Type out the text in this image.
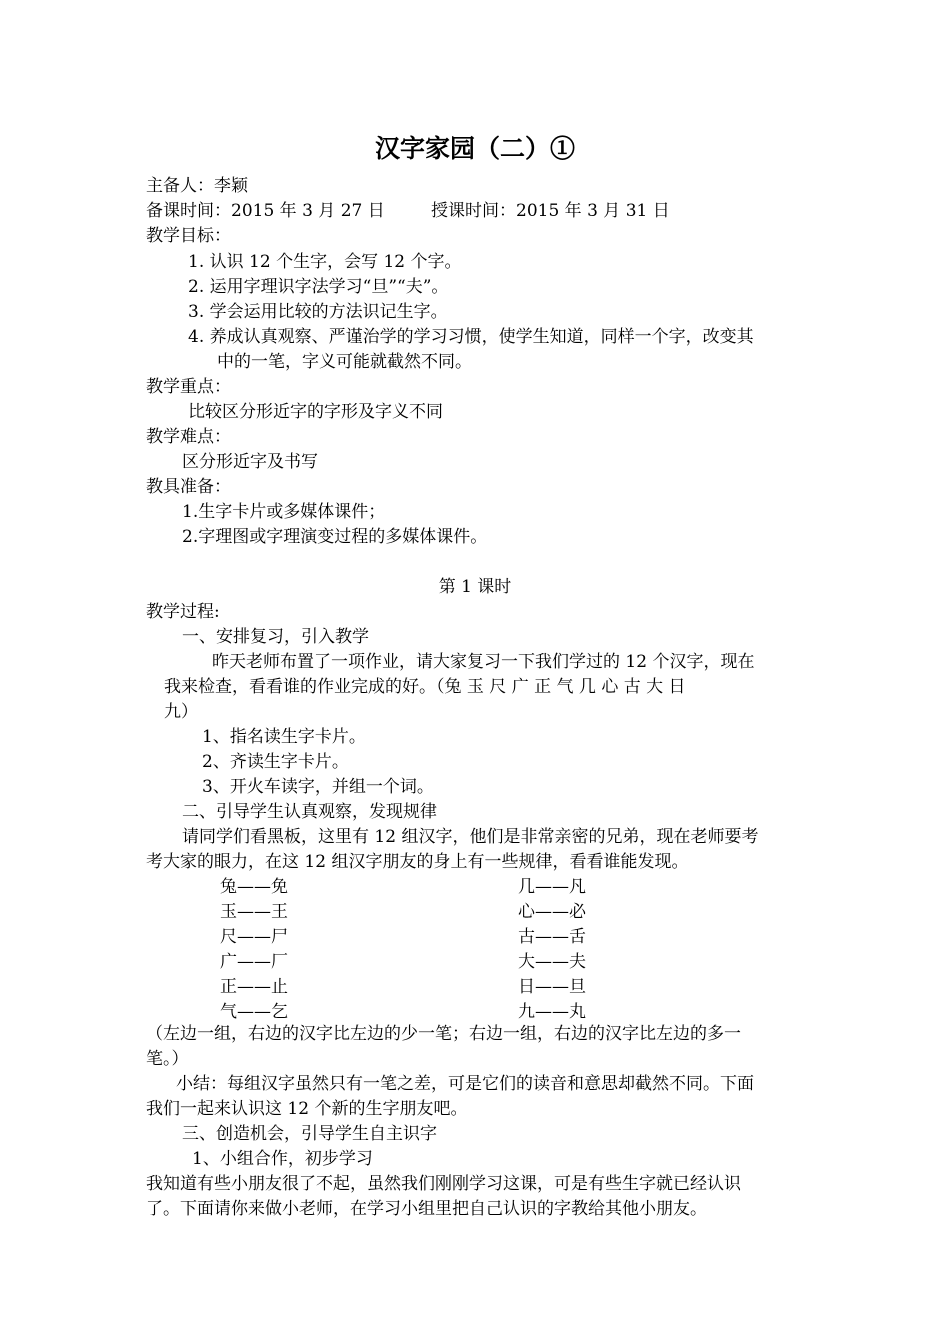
汉字家园（二）①
主备人：李颖
备课时间：2015 年 3 月 27 日	授课时间：2015 年 3 月 31 日
教学目标：
1. 认识 12 个生字，会写 12 个字。
2. 运用字理识字法学习“旦”“夫”。
3. 学会运用比较的方法识记生字。
4. 养成认真观察、严谨治学的学习习惯，使学生知道，同样一个字，改变其
中的一笔，字义可能就截然不同。
教学重点：
比较区分形近字的字形及字义不同
教学难点：
区分形近字及书写
教具准备：
1.生字卡片或多媒体课件；
2.字理图或字理演变过程的多媒体课件。
第 1 课时
教学过程:
一、安排复习，引入教学
昨天老师布置了一项作业，请大家复习一下我们学过的 12 个汉字，现在
我来检查，看看谁的作业完成的好。（兔 玉 尺 广 正 气 几 心 古 大 日
九）
1、指名读生字卡片。
2、齐读生字卡片。
3、开火车读字，并组一个词。
二、引导学生认真观察，发现规律
请同学们看黑板，这里有 12 组汉字，他们是非常亲密的兄弟，现在老师要考
考大家的眼力，在这 12 组汉字朋友的身上有一些规律，看看谁能发现。
兔——免
玉——王
尺——尸
广——厂
正——止
气——乞
几——凡
心——必
古——舌
大——夫
日——旦
九——丸
（左边一组，右边的汉字比左边的少一笔；右边一组，右边的汉字比左边的多一
笔。）
小结：每组汉字虽然只有一笔之差，可是它们的读音和意思却截然不同。下面
我们一起来认识这 12 个新的生字朋友吧。
三、创造机会，引导学生自主识字
1、小组合作，初步学习
我知道有些小朋友很了不起，虽然我们刚刚学习这课，可是有些生字就已经认识
了。下面请你来做小老师，在学习小组里把自己认识的字教给其他小朋友。
